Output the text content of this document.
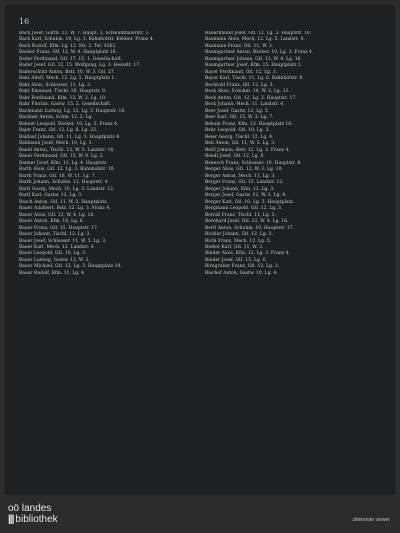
16

Bach Josef, Gärtn. 12. W. 7. Haupt. 3, Schwanthalerstr. 1.

Bach Karl, Schuhm. 10, Lg. 3. Bahnhofstr. Kellner. Franz 4.

Bach Rudolf, Kfm. Lg. 12. Str. 2. Tel. 4562.

Backer Franz, Gtl. 12, W. 4. Hauptplatz 16.

Bader Ferdinand, Gtl. 17, 15. 1. Gesellschaft.

Bader Josef, Gtl. 12, 15. Wolfgang, Lg. 3. Hessstr. 17.

Baderschütz Anton, Bstr. 10, W. 3. Gtl. 27.

Bahr Adolf, Mech. 12. Lg. 5. Hauptplatz 1.

Bahr Alois, Schlosser. 11, Lg. 3.

Bahr Emanuel, Tischl. 10. Hauptstr. 8.

Bahr Ferdinand, Kfm. 12, W. 3. Lg. 10.

Bahr Florian, Gastw. 15. 2. Gesellschaft.

Bachmann Ludwig, Lg. 12. Lg. 3. Hauptstr. 18.

Bachner Anton, Schm. 12, 2. Lg.

Bahner Leopold, Bäcker. 10, Lg. 5. Franz 4.

Bajer Franz, Gtl. 12, Lg. 6. Lg. 23.

Baldauf Johann, Gtl. 11. Lg. 3. Hauptplatz 4.

Ballmann Josef, Mech. 10, Lg. 3.

Bandl Anton, Tischl. 12, W. 5. Landstr. 16.

Baner Ferdinand, Gtl. 15, W. 8. Lg. 2.

Banner Josef, Kfm. 11, Lg. 4. Hauptstr.

Barth Alois, Gtl. 12. Lg. 3. Bahnhofstr. 10.

Barth Franz, Gtl. 16, W. 11. Lg. 7.

Barth Johann, Schuhm. 12. Hauptstr. 4.

Bartl Georg, Mech. 10, Lg. 3. Landstr. 12.

Bartl Karl, Gastw. 12, Lg. 3.

Basch Anton, Gtl. 11, W. 2. Hauptplatz.

Bauer Adalbert, Bstr. 12. Lg. 3. Franz 4.

Bauer Alois, Gtl. 12, W. 4. Lg. 16.

Bauer Anton, Kfm. 10, Lg. 6.

Bauer Franz, Gtl. 15. Hauptstr. 17.

Bauer Johann, Tischl. 12, Lg. 3.

Bauer Josef, Schlosser. 11, W. 5. Lg. 3.

Bauer Karl, Mech. 12. Landstr. 4.

Bauer Leopold, Gtl. 10, Lg. 3.

Bauer Ludwig, Gastw. 12, W. 2.

Bauer Michael, Gtl. 12. Lg. 3. Hauptplatz 10.

Bauer Rudolf, Kfm. 11, Lg. 4.

Bauernfeind Josef, Gtl. 12, Lg. 3. Hauptstr. 10.

Baumann Alois, Mech. 12. Lg. 5. Landstr. 4.

Baumann Franz, Gtl. 11, W. 3.

Baumgartner Anton, Bäcker. 10, Lg. 3. Franz 4.

Baumgartner Johann, Gtl. 12, W. 4. Lg. 16.

Baumgartner Josef, Kfm. 15. Hauptplatz 2.

Bayer Ferdinand, Gtl. 12, Lg. 3.

Bayer Karl, Tischl. 11, Lg. 6. Bahnhofstr. 8.

Bechtold Franz, Gtl. 12. Lg. 3.

Beck Alois, Schuhm. 10, W. 2. Lg. 12.

Beck Anton, Gtl. 12, Lg. 3. Hauptstr. 17.

Beck Johann, Mech. 11. Landstr. 4.

Beer Josef, Gastw. 12, Lg. 5.

Beer Karl, Gtl. 15, W. 3. Lg. 7.

Beham Franz, Kfm. 12. Hauptplatz 16.

Behr Leopold, Gtl. 10, Lg. 3.

Beier Georg, Tischl. 12, Lg. 4.

Beil Anton, Gtl. 11, W. 5. Lg. 3.

Beitl Johann, Bstr. 12. Lg. 3. Franz 4.

Bendl Josef, Gtl. 12, Lg. 6.

Benesch Franz, Schlosser. 10. Hauptstr. 8.

Berger Alois, Gtl. 12, W. 3. Lg. 10.

Berger Anton, Mech. 11, Lg. 3.

Berger Franz, Gtl. 15. Landstr. 12.

Berger Johann, Kfm. 12, Lg. 3.

Berger Josef, Gastw. 12, W. 2. Lg. 4.

Berger Karl, Gtl. 10, Lg. 5. Hauptplatz.

Bergmann Leopold, Gtl. 12. Lg. 3.

Berndl Franz, Tischl. 11, Lg. 3.

Bernhard Josef, Gtl. 12, W. 4. Lg. 16.

Bertl Anton, Schuhm. 10. Hauptstr. 17.

Bichler Johann, Gtl. 12, Lg. 3.

Bichl Franz, Mech. 12. Lg. 5.

Bieber Karl, Gtl. 11, W. 3.

Binder Alois, Kfm. 12, Lg. 3. Franz 4.

Binder Josef, Gtl. 15, Lg. 6.

Birngruber Franz, Gtl. 12. Lg. 3.

Bischof Anton, Gastw. 10, Lg. 4.

oö landes
||| bibliothek	zitierende viewer
